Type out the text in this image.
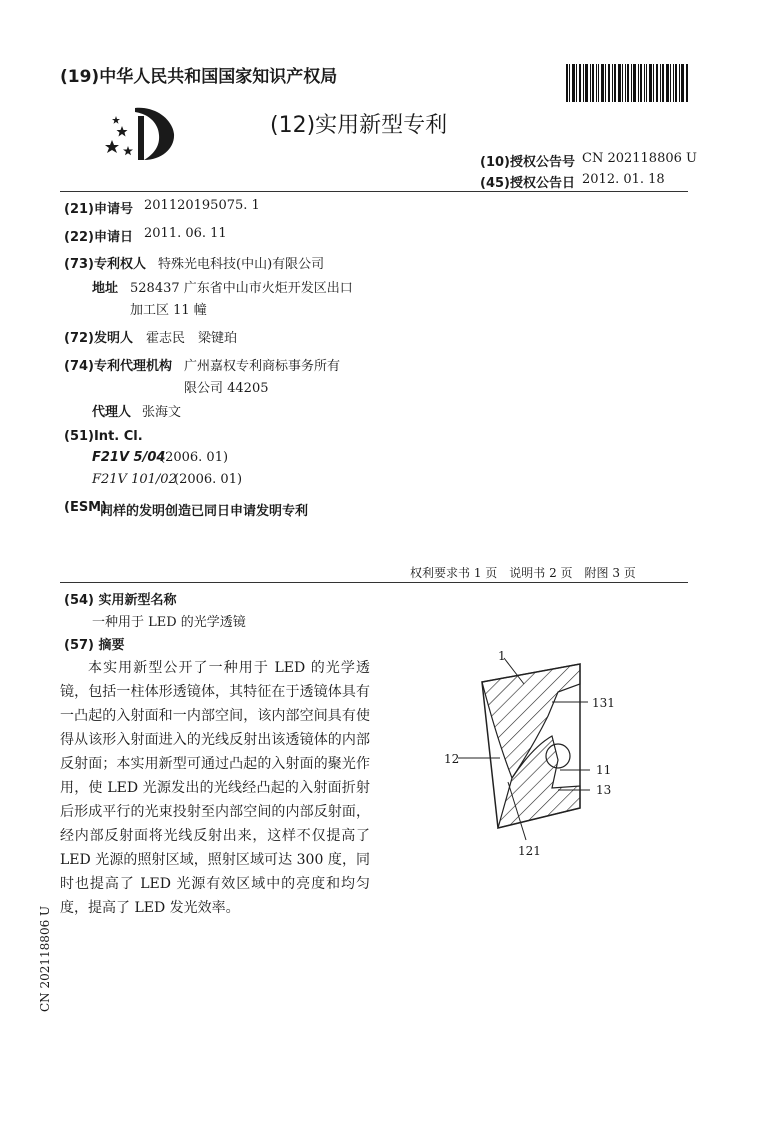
(19)中华人民共和国国家知识产权局
(12)实用新型专利
(10)授权公告号 CN 202118806 U
(45)授权公告日 2012. 01. 18
(21)申请号 201120195075. 1
(22)申请日 2011. 06. 11
(73)专利权人 特殊光电科技(中山)有限公司
地址 528437 广东省中山市火炬开发区出口
加工区 11 幢
(72)发明人 霍志民　梁键珀
(74)专利代理机构 广州嘉权专利商标事务所有
限公司 44205
代理人 张海文
(51)Int. Cl.
F21V 5/04
(2006. 01)
F21V 101/02
(2006. 01)
(ESM)
同样的发明创造已同日申请发明专利
权利要求书 1 页　说明书 2 页　附图 3 页
(54) 实用新型名称
一种用于 LED 的光学透镜
(57) 摘要
本实用新型公开了一种用于 LED 的光学透镜，包括一柱体形透镜体，其特征在于透镜体具有一凸起的入射面和一内部空间，该内部空间具有使得从该形入射面进入的光线反射出该透镜体的内部反射面；本实用新型可通过凸起的入射面的聚光作用，使 LED 光源发出的光线经凸起的入射面折射后形成平行的光束投射至内部空间的内部反射面，经内部反射面将光线反射出来，这样不仅提高了 LED 光源的照射区域，照射区域可达 300 度，同时也提高了 LED 光源有效区域中的亮度和均匀度，提高了 LED 发光效率。
1
131
12
11
13
121
CN 202118806 U
